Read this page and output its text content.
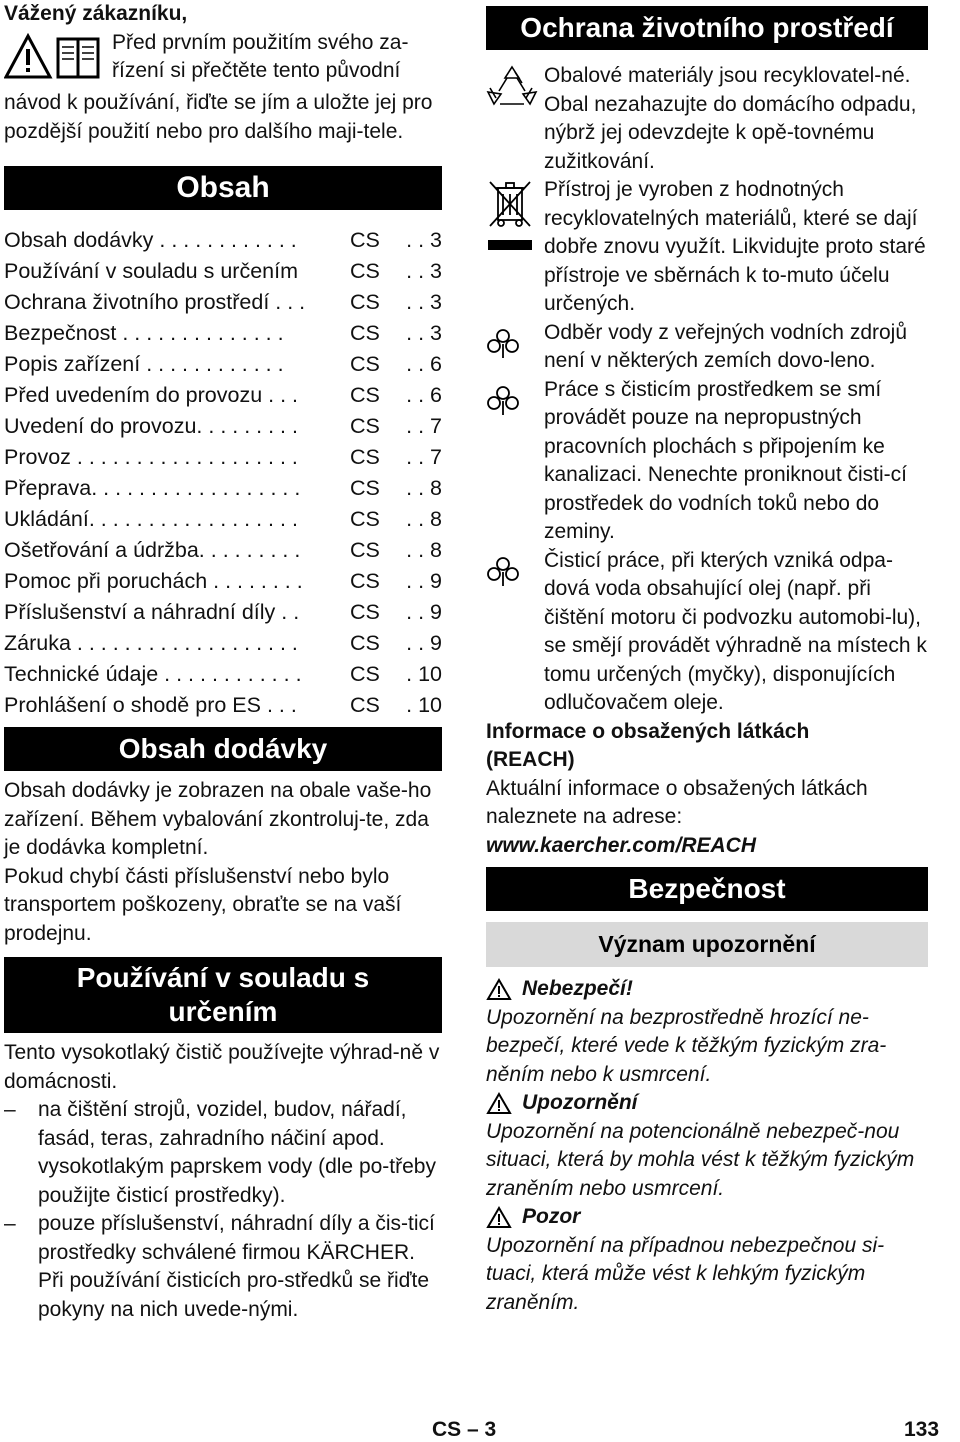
Vážený zákazníku,

Před prvním použitím svého za-

řízení si přečtěte tento původní

návod k používání, řiďte se jím a uložte jej pro pozdější použití nebo pro dalšího maji-tele.

Obsah
Obsah dodávky . . . . . . . . . . . .	CS	. . 3
Používání v souladu s určením	CS	. . 3
Ochrana životního prostředí . . .	CS	. . 3
Bezpečnost . . . . . . . . . . . . . .	CS	. . 3
Popis zařízení . . . . . . . . . . . .	CS	. . 6
Před uvedením do provozu . . .	CS	. . 6
Uvedení do provozu. . . . . . . . .	CS	. . 7
Provoz . . . . . . . . . . . . . . . . . . .	CS	. . 7
Přeprava. . . . . . . . . . . . . . . . . .	CS	. . 8
Ukládání. . . . . . . . . . . . . . . . . .	CS	. . 8
Ošetřování a údržba. . . . . . . . .	CS	. . 8
Pomoc při poruchách . . . . . . . .	CS	. . 9
Příslušenství a náhradní díly . .	CS	. . 9
Záruka . . . . . . . . . . . . . . . . . . .	CS	. . 9
Technické údaje . . . . . . . . . . . .	CS	. 10
Prohlášení o shodě pro ES . . .	CS	. 10
Obsah dodávky

Obsah dodávky je zobrazen na obale vaše-ho zařízení. Během vybalování zkontroluj-te, zda je dodávka kompletní.

Pokud chybí části příslušenství nebo bylo transportem poškozeny, obraťte se na vaší prodejnu.

Používání v souladu s
určením

Tento vysokotlaký čistič používejte výhrad-ně v domácnosti.

–	na čištění strojů, vozidel, budov, nářadí, fasád, teras, zahradního náčiní apod. vysokotlakým paprskem vody (dle po-třeby použijte čisticí prostředky).

–	pouze příslušenství, náhradní díly a čis-ticí prostředky schválené firmou KÄRCHER. Při používání čisticích pro-středků se řiďte pokyny na nich uvede-nými.

Ochrana životního prostředí

Obalové materiály jsou recyklovatel-né. Obal nezahazujte do domácího odpadu, nýbrž jej odevzdejte k opě-tovnému zužitkování.

Přístroj je vyroben z hodnotných recyklovatelných materiálů, které se dají dobře znovu využít. Likvidujte proto staré přístroje ve sběrnách k to-muto účelu určených.

Odběr vody z veřejných vodních zdrojů není v některých zemích dovo-leno.

Práce s čisticím prostředkem se smí provádět pouze na nepropustných pracovních plochách s připojením ke kanalizaci. Nenechte proniknout čisti-cí prostředek do vodních toků nebo do zeminy.

Čisticí práce, při kterých vzniká odpa-dová voda obsahující olej (např. při čištění motoru či podvozku automobi-lu), se smějí provádět výhradně na místech k tomu určených (myčky), disponujících odlučovačem oleje.

Informace o obsažených látkách
(REACH)

Aktuální informace o obsažených látkách naleznete na adrese:

www.kaercher.com/REACH

Bezpečnost
Význam upozornění
Nebezpečí!

Upozornění na bezprostředně hrozící ne-bezpečí, které vede k těžkým fyzickým zra-něním nebo k usmrcení.

Upozornění

Upozornění na potencionálně nebezpeč-nou situaci, která by mohla vést k těžkým fyzickým zraněním nebo usmrcení.

Pozor

Upozornění na případnou nebezpečnou si-tuaci, která může vést k lehkým fyzickým zraněním.

CS – 3	133
